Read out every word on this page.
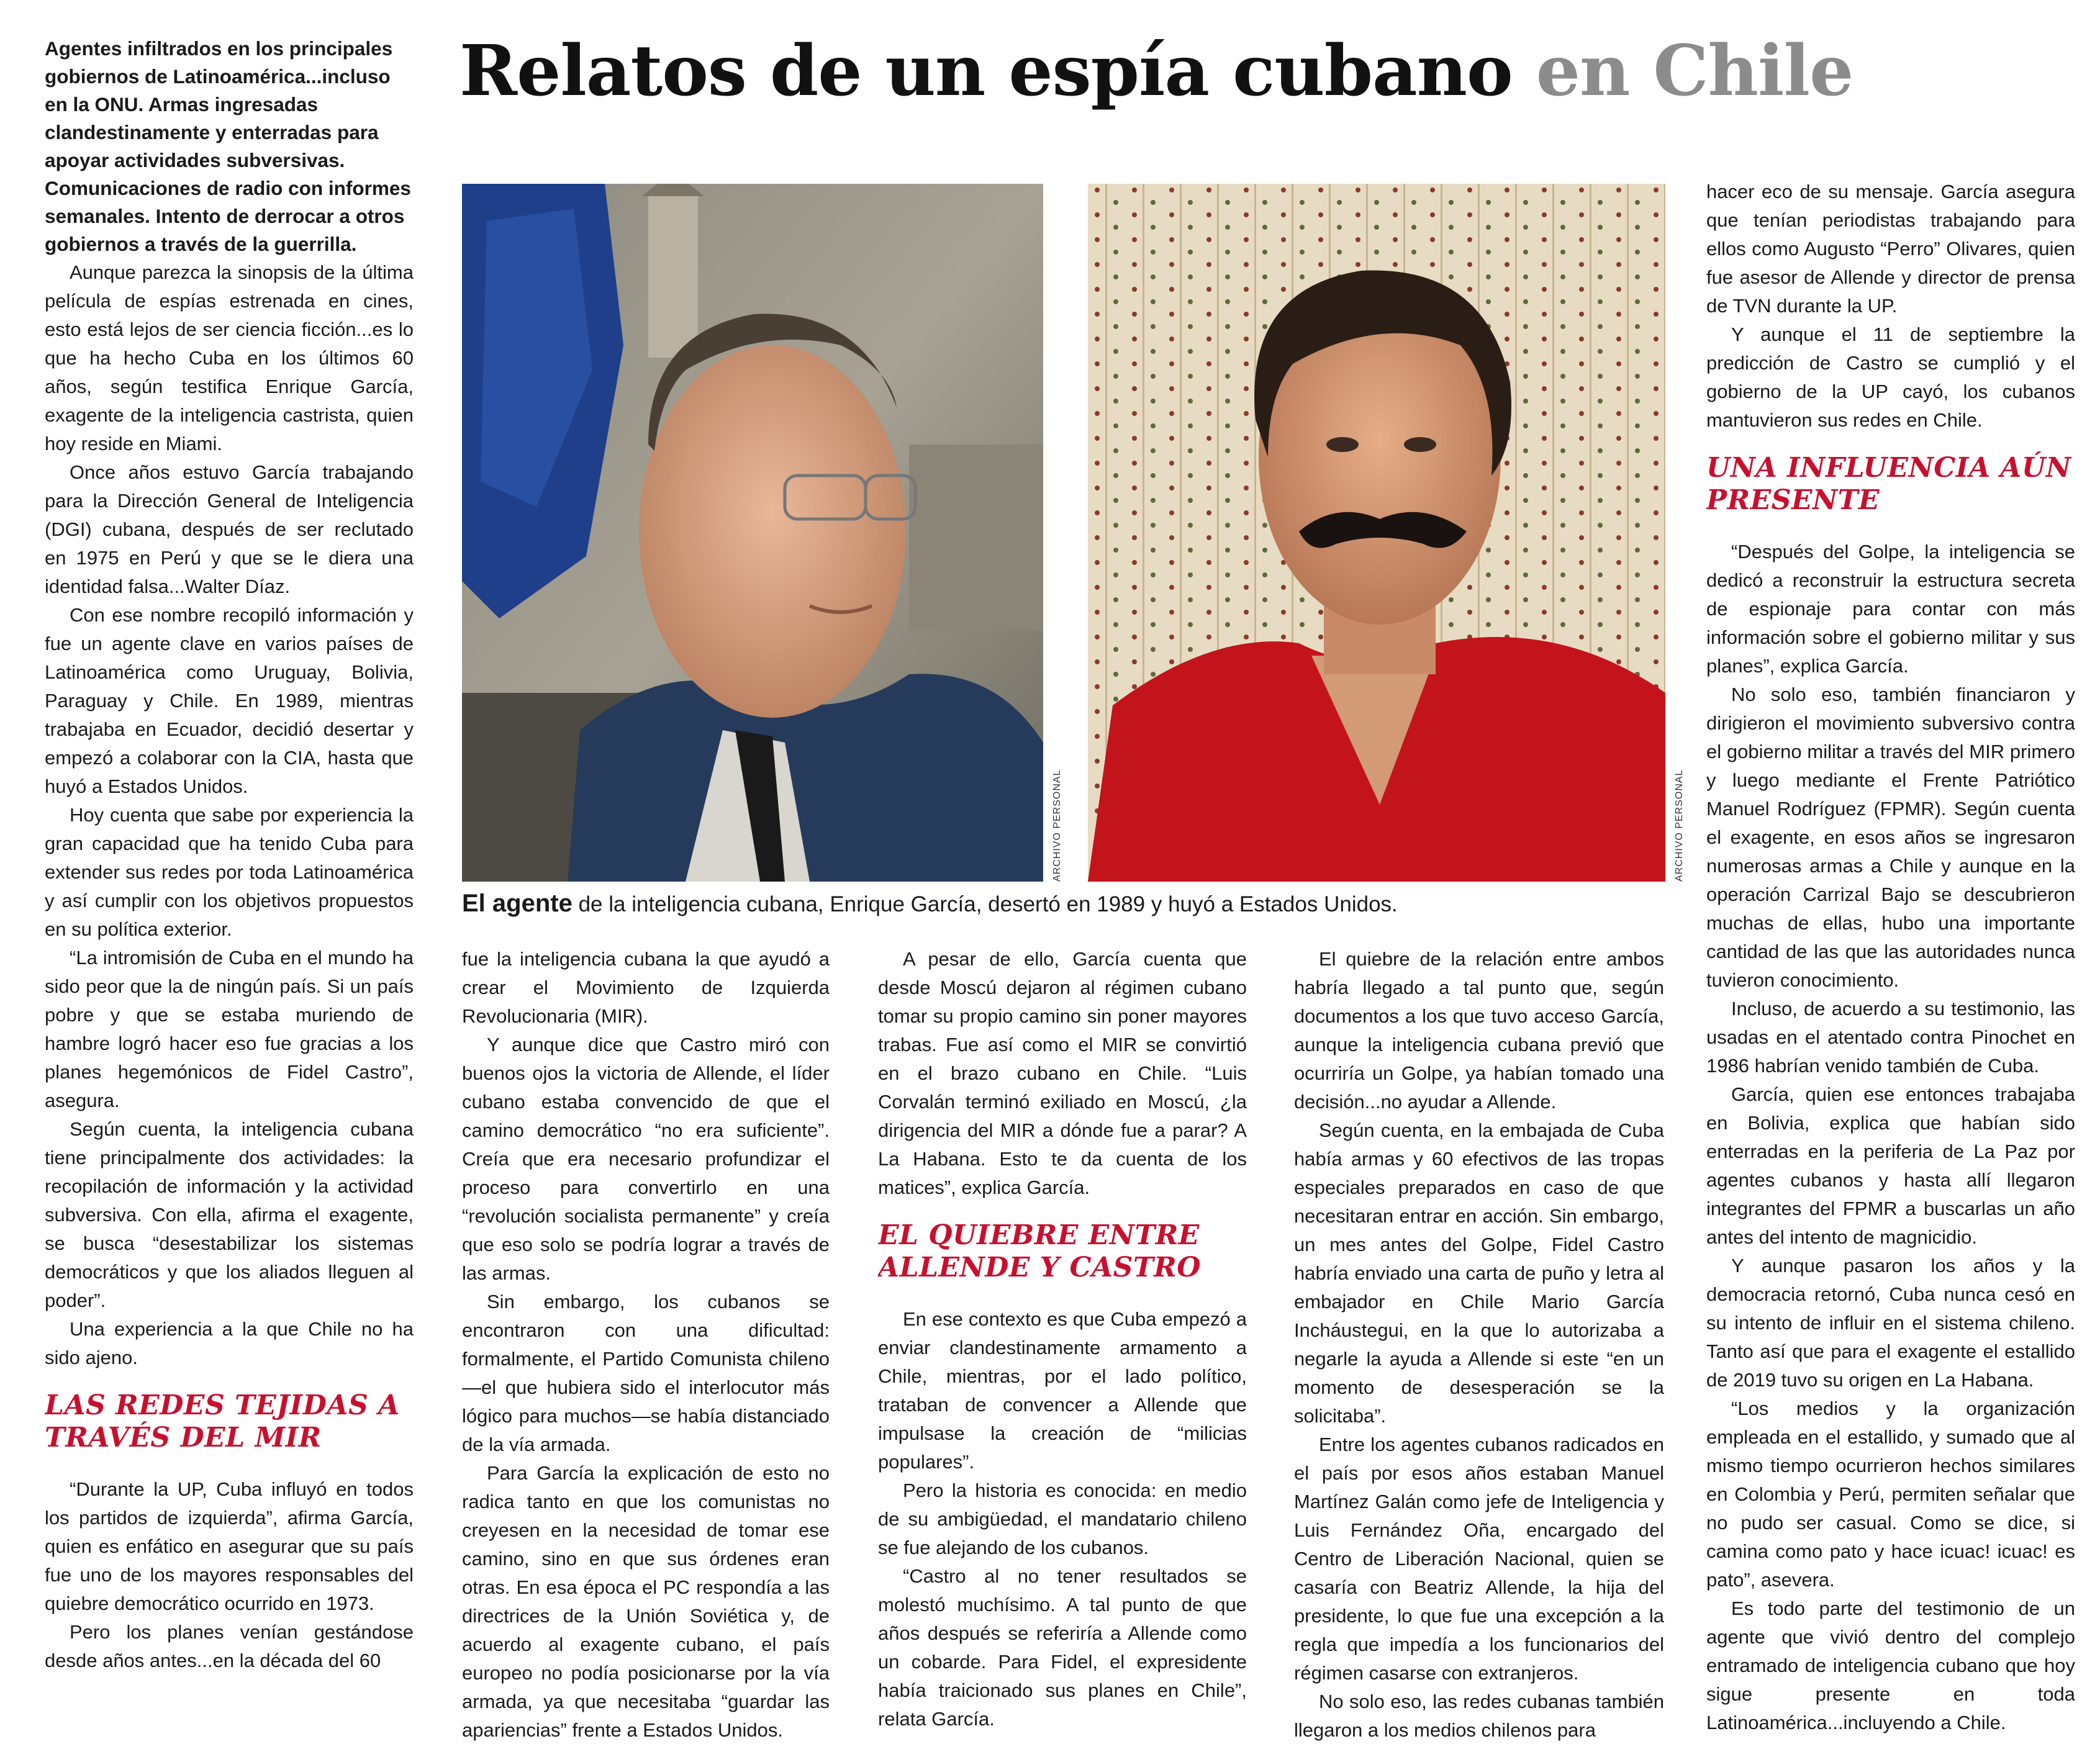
Relatos de un espía cubano en Chile
ARCHIVO PERSONAL	ARCHIVO PERSONAL
El agente de la inteligencia cubana, Enrique García, desertó en 1989 y huyó a Estados Unidos.

Agentes infiltrados en los principales gobiernos de Latinoamérica...incluso en la ONU. Armas ingresadas clandestinamente y enterradas para apoyar actividades subversivas. Comunicaciones de radio con informes semanales. Intento de derrocar a otros gobiernos a través de la guerrilla.

Aunque parezca la sinopsis de la última película de espías estrenada en cines, esto está lejos de ser ciencia ficción...es lo que ha hecho Cuba en los últimos 60 años, según testifica Enrique García, exagente de la inteligencia castrista, quien hoy reside en Miami.

Once años estuvo García trabajando para la Dirección General de Inteligencia (DGI) cubana, después de ser reclutado en 1975 en Perú y que se le diera una identidad falsa...Walter Díaz.

Con ese nombre recopiló información y fue un agente clave en varios países de Latinoamérica como Uruguay, Bolivia, Paraguay y Chile. En 1989, mientras trabajaba en Ecuador, decidió desertar y empezó a colaborar con la CIA, hasta que huyó a Estados Unidos.

Hoy cuenta que sabe por experiencia la gran capacidad que ha tenido Cuba para extender sus redes por toda Latinoamérica y así cumplir con los objetivos propuestos en su política exterior.

“La intromisión de Cuba en el mundo ha sido peor que la de ningún país. Si un país pobre y que se estaba muriendo de hambre logró hacer eso fue gracias a los planes hegemónicos de Fidel Castro”, asegura.

Según cuenta, la inteligencia cubana tiene principalmente dos actividades: la recopilación de información y la actividad subversiva. Con ella, afirma el exagente, se busca “desestabilizar los sistemas democráticos y que los aliados lleguen al poder”.

Una experiencia a la que Chile no ha sido ajeno.

LAS REDES TEJIDAS A TRAVÉS DEL MIR

“Durante la UP, Cuba influyó en todos los partidos de izquierda”, afirma García, quien es enfático en asegurar que su país fue uno de los mayores responsables del quiebre democrático ocurrido en 1973.

Pero los planes venían gestándose desde años antes...en la década del 60

fue la inteligencia cubana la que ayudó a crear el Movimiento de Izquierda Revolucionaria (MIR).

Y aunque dice que Castro miró con buenos ojos la victoria de Allende, el líder cubano estaba convencido de que el camino democrático “no era suficiente”. Creía que era necesario profundizar el proceso para convertirlo en una “revolución socialista permanente” y creía que eso solo se podría lograr a través de las armas.

Sin embargo, los cubanos se encontraron con una dificultad: formalmente, el Partido Comunista chileno —el que hubiera sido el interlocutor más lógico para muchos—se había distanciado de la vía armada.

Para García la explicación de esto no radica tanto en que los comunistas no creyesen en la necesidad de tomar ese camino, sino en que sus órdenes eran otras. En esa época el PC respondía a las directrices de la Unión Soviética y, de acuerdo al exagente cubano, el país europeo no podía posicionarse por la vía armada, ya que necesitaba “guardar las apariencias” frente a Estados Unidos.

A pesar de ello, García cuenta que desde Moscú dejaron al régimen cubano tomar su propio camino sin poner mayores trabas. Fue así como el MIR se convirtió en el brazo cubano en Chile. “Luis Corvalán terminó exiliado en Moscú, ¿la dirigencia del MIR a dónde fue a parar? A La Habana. Esto te da cuenta de los matices”, explica García.

EL QUIEBRE ENTRE ALLENDE Y CASTRO

En ese contexto es que Cuba empezó a enviar clandestinamente armamento a Chile, mientras, por el lado político, trataban de convencer a Allende que impulsase la creación de “milicias populares”.

Pero la historia es conocida: en medio de su ambigüedad, el mandatario chileno se fue alejando de los cubanos.

“Castro al no tener resultados se molestó muchísimo. A tal punto de que años después se referiría a Allende como un cobarde. Para Fidel, el expresidente había traicionado sus planes en Chile”, relata García.

El quiebre de la relación entre ambos habría llegado a tal punto que, según documentos a los que tuvo acceso García, aunque la inteligencia cubana previó que ocurriría un Golpe, ya habían tomado una decisión...no ayudar a Allende.

Según cuenta, en la embajada de Cuba había armas y 60 efectivos de las tropas especiales preparados en caso de que necesitaran entrar en acción. Sin embargo, un mes antes del Golpe, Fidel Castro habría enviado una carta de puño y letra al embajador en Chile Mario García Incháustegui, en la que lo autorizaba a negarle la ayuda a Allende si este “en un momento de desesperación se la solicitaba”.

Entre los agentes cubanos radicados en el país por esos años estaban Manuel Martínez Galán como jefe de Inteligencia y Luis Fernández Oña, encargado del Centro de Liberación Nacional, quien se casaría con Beatriz Allende, la hija del presidente, lo que fue una excepción a la regla que impedía a los funcionarios del régimen casarse con extranjeros.

No solo eso, las redes cubanas también llegaron a los medios chilenos para

hacer eco de su mensaje. García asegura que tenían periodistas trabajando para ellos como Augusto “Perro” Olivares, quien fue asesor de Allende y director de prensa de TVN durante la UP.

Y aunque el 11 de septiembre la predicción de Castro se cumplió y el gobierno de la UP cayó, los cubanos mantuvieron sus redes en Chile.

UNA INFLUENCIA AÚN PRESENTE

“Después del Golpe, la inteligencia se dedicó a reconstruir la estructura secreta de espionaje para contar con más información sobre el gobierno militar y sus planes”, explica García.

No solo eso, también financiaron y dirigieron el movimiento subversivo contra el gobierno militar a través del MIR primero y luego mediante el Frente Patriótico Manuel Rodríguez (FPMR). Según cuenta el exagente, en esos años se ingresaron numerosas armas a Chile y aunque en la operación Carrizal Bajo se descubrieron muchas de ellas, hubo una importante cantidad de las que las autoridades nunca tuvieron conocimiento.

Incluso, de acuerdo a su testimonio, las usadas en el atentado contra Pinochet en 1986 habrían venido también de Cuba.

García, quien ese entonces trabajaba en Bolivia, explica que habían sido enterradas en la periferia de La Paz por agentes cubanos y hasta allí llegaron integrantes del FPMR a buscarlas un año antes del intento de magnicidio.

Y aunque pasaron los años y la democracia retornó, Cuba nunca cesó en su intento de influir en el sistema chileno. Tanto así que para el exagente el estallido de 2019 tuvo su origen en La Habana.

“Los medios y la organización empleada en el estallido, y sumado que al mismo tiempo ocurrieron hechos similares en Colombia y Perú, permiten señalar que no pudo ser casual. Como se dice, si camina como pato y hace icuac! icuac! es pato”, asevera.

Es todo parte del testimonio de un agente que vivió dentro del complejo entramado de inteligencia cubano que hoy sigue presente en toda Latinoamérica...incluyendo a Chile.
